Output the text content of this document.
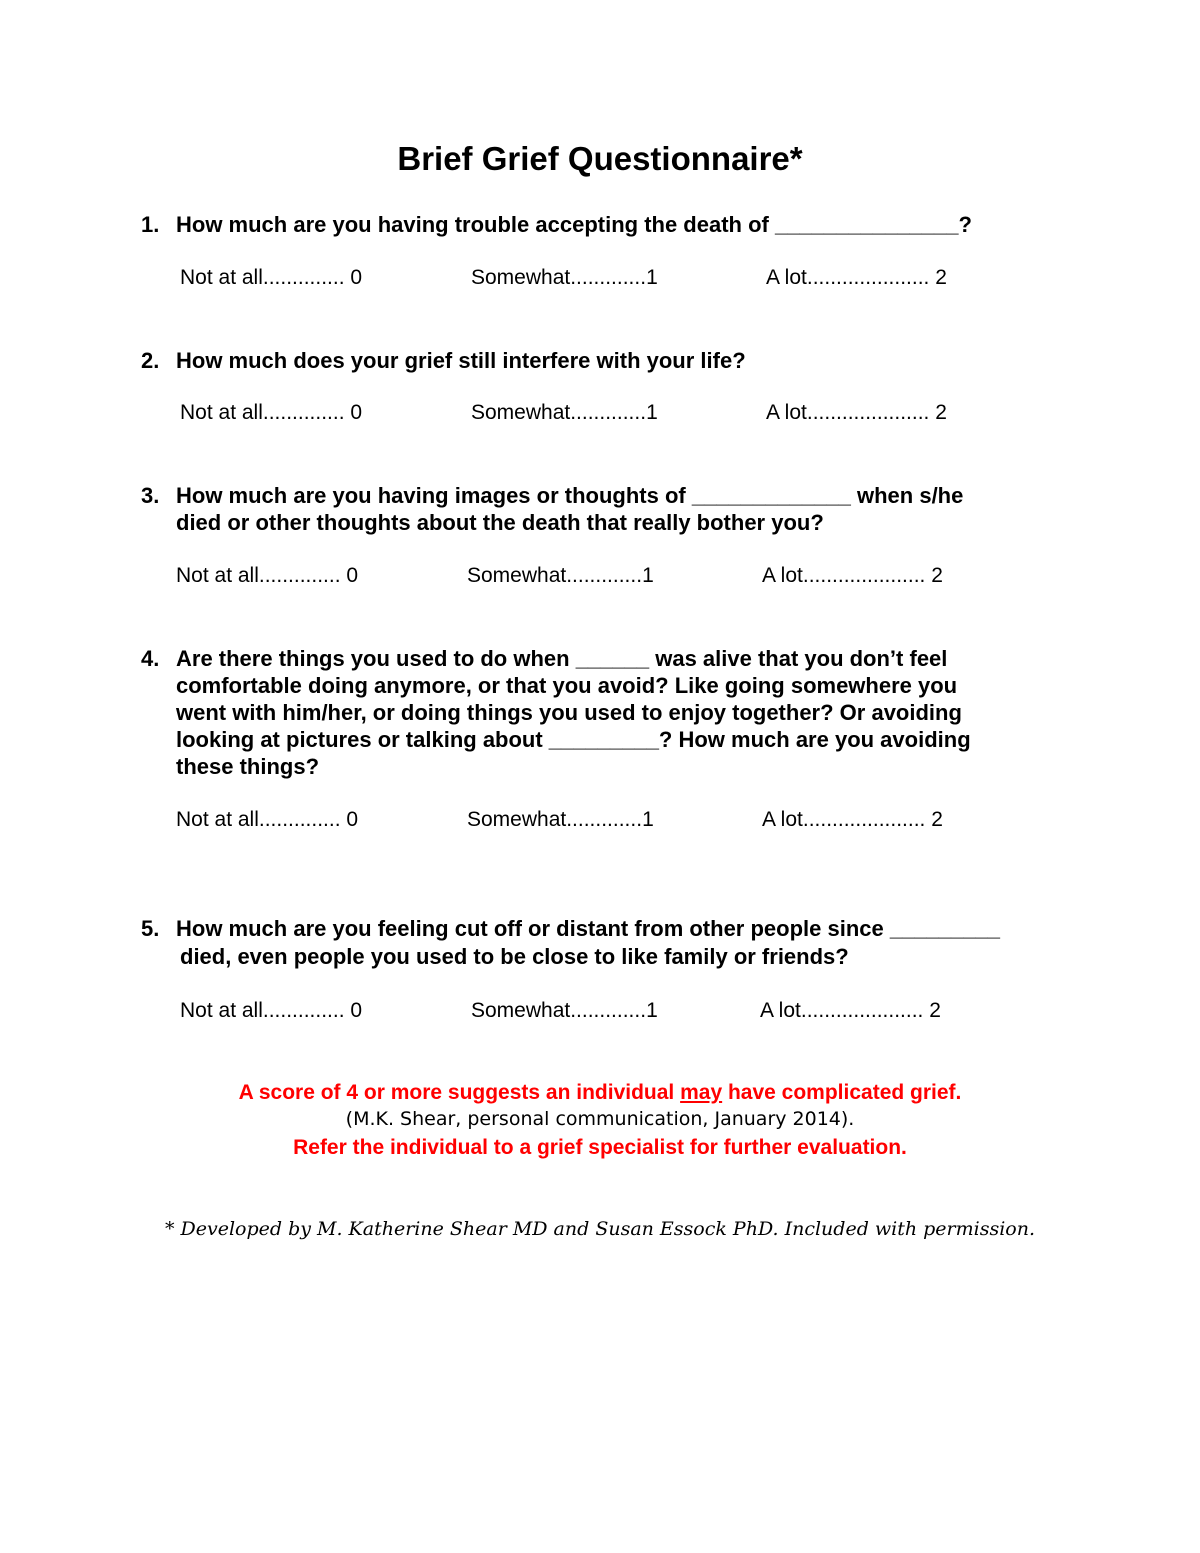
Brief Grief Questionnaire*
1. How much are you having trouble accepting the death of _______________?
Not at all.............. 0	Somewhat.............1	A lot..................... 2
2. How much does your grief still interfere with your life?
Not at all.............. 0	Somewhat.............1	A lot..................... 2
3. How much are you having images or thoughts of _____________ when s/he
died or other thoughts about the death that really bother you?
Not at all.............. 0	Somewhat.............1	A lot..................... 2
4. Are there things you used to do when ______ was alive that you don’t feel
comfortable doing anymore, or that you avoid? Like going somewhere you
went with him/her, or doing things you used to enjoy together? Or avoiding
looking at pictures or talking about _________? How much are you avoiding
these things?
Not at all.............. 0	Somewhat.............1	A lot..................... 2
5. How much are you feeling cut off or distant from other people since _________
died, even people you used to be close to like family or friends?
Not at all.............. 0	Somewhat.............1	A lot..................... 2
A score of 4 or more suggests an individual may have complicated grief.
(M.K. Shear, personal communication, January 2014).
Refer the individual to a grief specialist for further evaluation.
* Developed by M. Katherine Shear MD and Susan Essock PhD. Included with permission.
